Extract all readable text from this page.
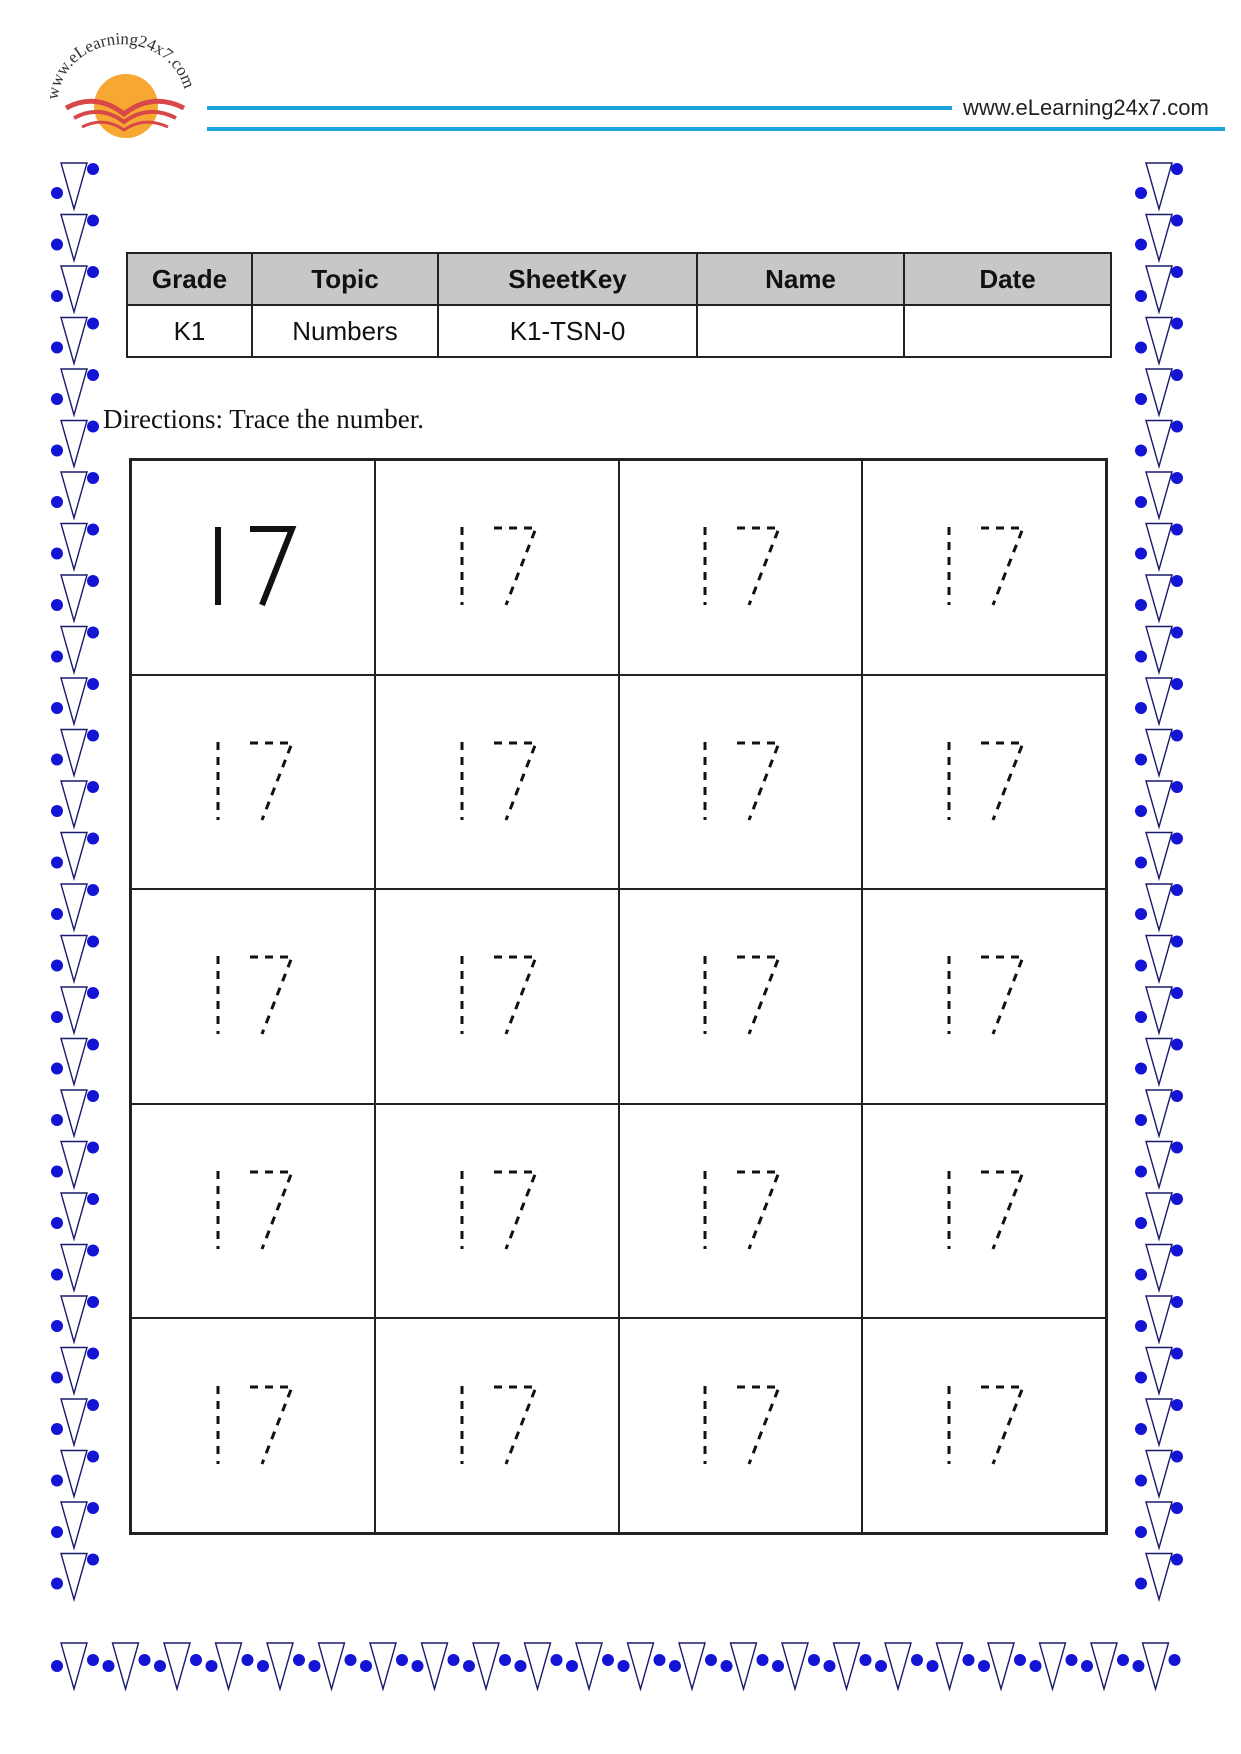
www.eLearning24x7.com
www.eLearning24x7.com
Grade	Topic	SheetKey	Name	Date
K1	Numbers	K1-TSN-0		
Directions: Trace the number.
